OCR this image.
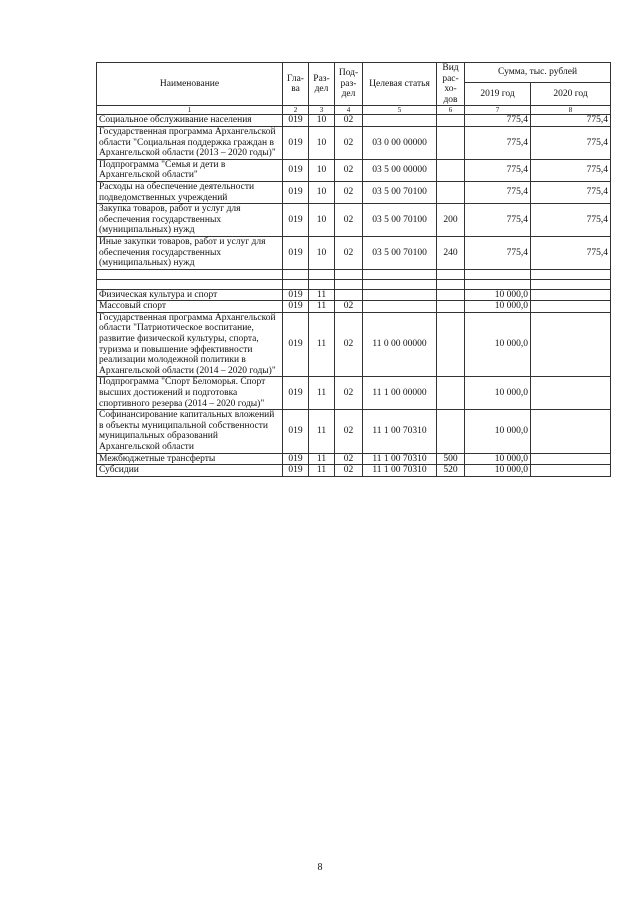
Наименование	Гла-ва	Раз-дел	Под-раз-дел	Целевая статья	Вид рас-хо-дов	Сумма, тыс. рублей	
						2019 год	2020 год
1	2	3	4	5	6	7	8
Социальное обслуживание населения	019	10	02			775,4	775,4
Государственная программа Архангельской области "Социальная поддержка граждан в Архангельской области (2013 – 2020 годы)"	019	10	02	03 0 00 00000		775,4	775,4
Подпрограмма "Семья и дети в Архангельской области"	019	10	02	03 5 00 00000		775,4	775,4
Расходы на обеспечение деятельности подведомственных учреждений	019	10	02	03 5 00 70100		775,4	775,4
Закупка товаров, работ и услуг для обеспечения государственных (муниципальных) нужд	019	10	02	03 5 00 70100	200	775,4	775,4
Иные закупки товаров, работ и услуг для обеспечения государственных (муниципальных) нужд	019	10	02	03 5 00 70100	240	775,4	775,4

Физическая культура и спорт	019	11				10 000,0	
Массовый спорт	019	11	02			10 000,0	
Государственная программа Архангельской области "Патриотическое воспитание, развитие физической культуры, спорта, туризма и повышение эффективности реализации молодежной политики в Архангельской области (2014 – 2020 годы)"	019	11	02	11 0 00 00000		10 000,0	
Подпрограмма "Спорт Беломорья. Спорт высших достижений и подготовка спортивного резерва (2014 – 2020 годы)"	019	11	02	11 1 00 00000		10 000,0	
Софинансирование капитальных вложений в объекты муниципальной собственности муниципальных образований Архангельской области	019	11	02	11 1 00 70310		10 000,0	
Межбюджетные трансферты	019	11	02	11 1 00 70310	500	10 000,0	
Субсидии	019	11	02	11 1 00 70310	520	10 000,0	
8
